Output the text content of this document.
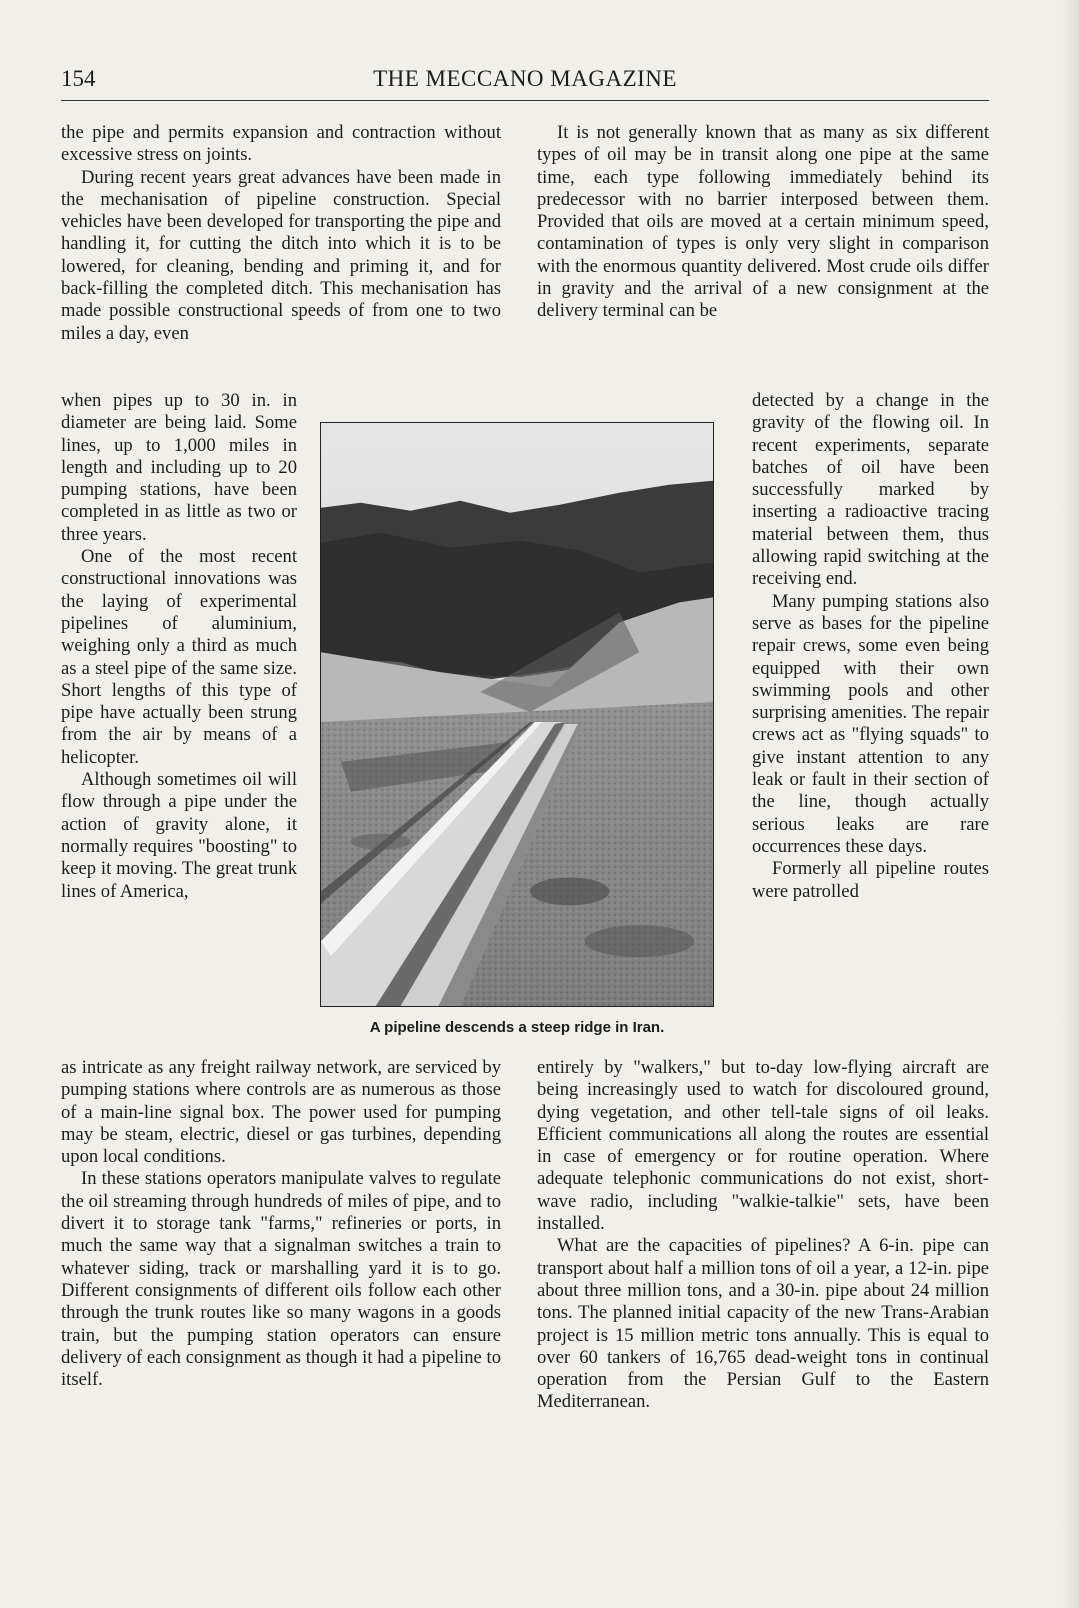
154	THE MECCANO MAGAZINE

the pipe and permits expansion and contraction without excessive stress on joints.

During recent years great advances have been made in the mechanisation of pipeline construction. Special vehicles have been developed for transporting the pipe and handling it, for cutting the ditch into which it is to be lowered, for cleaning, bending and priming it, and for back-filling the completed ditch. This mechanisation has made possible constructional speeds of from one to two miles a day, even

when pipes up to 30 in. in diameter are being laid. Some lines, up to 1,000 miles in length and including up to 20 pumping stations, have been completed in as little as two or three years.

One of the most recent constructional innovations was the laying of experimental pipelines of aluminium, weighing only a third as much as a steel pipe of the same size. Short lengths of this type of pipe have actually been strung from the air by means of a helicopter.

Although sometimes oil will flow through a pipe under the action of gravity alone, it normally requires "boosting" to keep it moving. The great trunk lines of America,

as intricate as any freight railway network, are serviced by pumping stations where controls are as numerous as those of a main-line signal box. The power used for pumping may be steam, electric, diesel or gas turbines, depending upon local conditions.

In these stations operators manipulate valves to regulate the oil streaming through hundreds of miles of pipe, and to divert it to storage tank "farms," refineries or ports, in much the same way that a signalman switches a train to whatever siding, track or marshalling yard it is to go. Different consignments of different oils follow each other through the trunk routes like so many wagons in a goods train, but the pumping station operators can ensure delivery of each consignment as though it had a pipeline to itself.

It is not generally known that as many as six different types of oil may be in transit along one pipe at the same time, each type following immediately behind its predecessor with no barrier interposed between them. Provided that oils are moved at a certain minimum speed, contamination of types is only very slight in comparison with the enormous quantity delivered. Most crude oils differ in gravity and the arrival of a new consignment at the delivery terminal can be

detected by a change in the gravity of the flowing oil. In recent experiments, separate batches of oil have been successfully marked by inserting a radioactive tracing material between them, thus allowing rapid switching at the receiving end.

Many pumping stations also serve as bases for the pipeline repair crews, some even being equipped with their own swimming pools and other surprising amenities. The repair crews act as "flying squads" to give instant attention to any leak or fault in their section of the line, though actually serious leaks are rare occurrences these days.

Formerly all pipeline routes were patrolled

entirely by "walkers," but to-day low-flying aircraft are being increasingly used to watch for discoloured ground, dying vegetation, and other tell-tale signs of oil leaks. Efficient communications all along the routes are essential in case of emergency or for routine operation. Where adequate telephonic communications do not exist, short-wave radio, including "walkie-talkie" sets, have been installed.

What are the capacities of pipelines? A 6-in. pipe can transport about half a million tons of oil a year, a 12-in. pipe about three million tons, and a 30-in. pipe about 24 million tons. The planned initial capacity of the new Trans-Arabian project is 15 million metric tons annually. This is equal to over 60 tankers of 16,765 dead-weight tons in continual operation from the Persian Gulf to the Eastern Mediterranean.

A pipeline descends a steep ridge in Iran.
